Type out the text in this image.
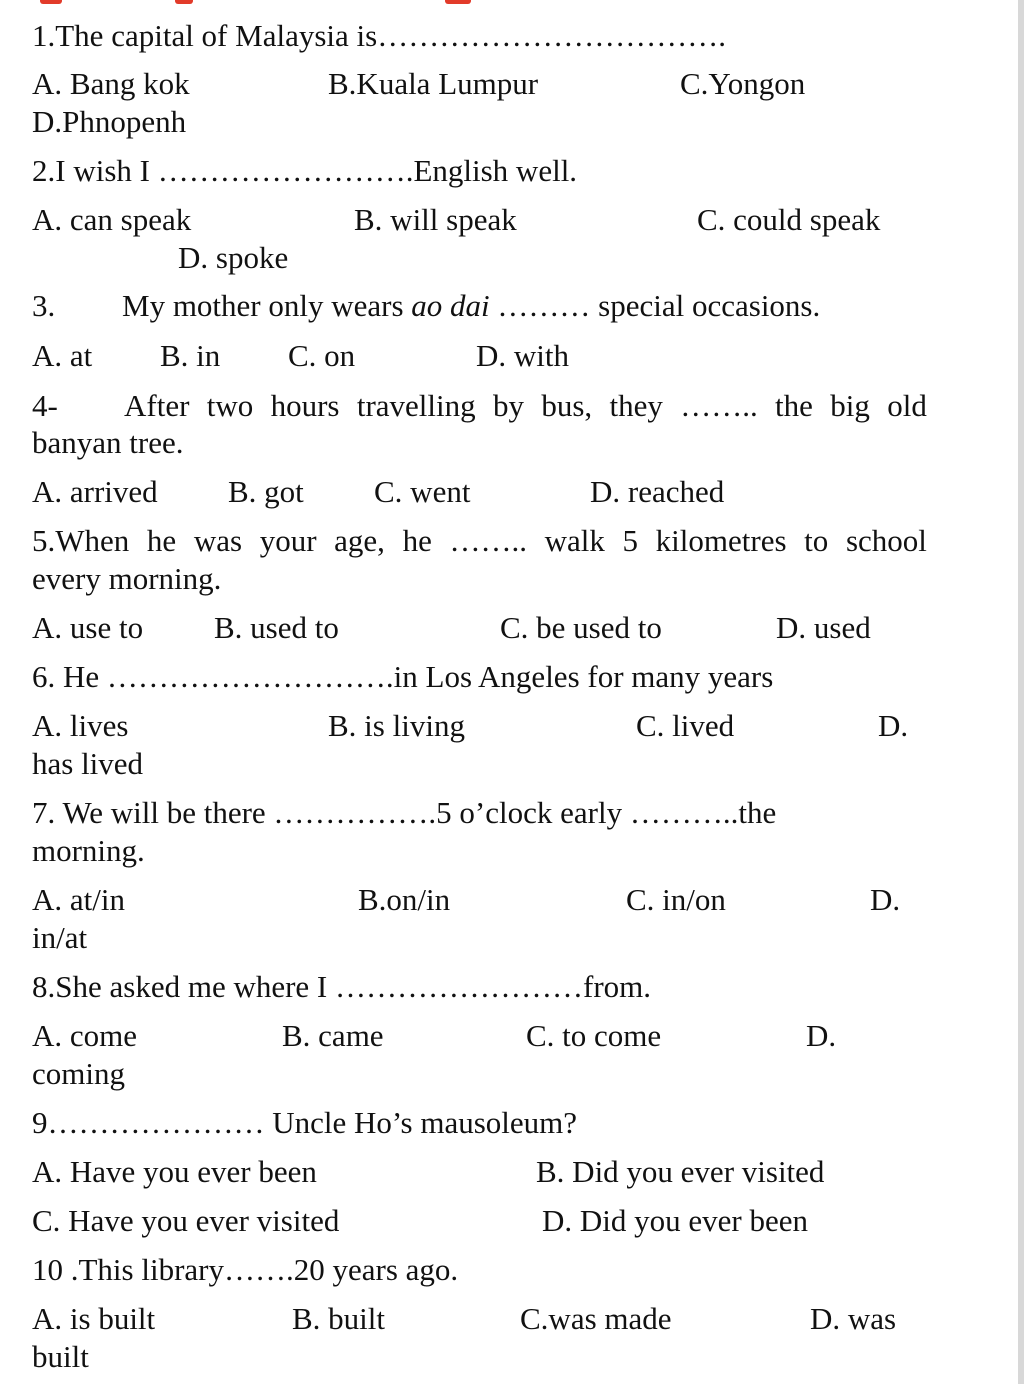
1.The capital of Malaysia is…………………………….
A. Bang kok	B.Kuala Lumpur	C.Yongon
D.Phnopenh
2.I wish I …………………….English well.
A. can speak	B. will speak	C. could speak
D. spoke
3. My mother only wears ao dai ……… special occasions.
A. at B. in C. on	D. with
4- After two hours travelling by bus, they …….. the big old
banyan tree.
A. arrived B. got C. went	D. reached
5.When he was your age, he …….. walk 5 kilometres to school
every morning.
A. use to B. used to	C. be used to	D. used
6. He ……………………….in Los Angeles for many years
A. lives	B. is living	C. lived	D.
has lived
7. We will be there …………….5 o’clock early ………..the
morning.
A. at/in	B.on/in	C. in/on	D.
in/at
8.She asked me where I ……………………from.
A. come	B. came	C. to come	D.
coming
9………………… Uncle Ho’s mausoleum?
A. Have you ever been	B. Did you ever visited
C. Have you ever visited	D. Did you ever been
10 .This library…….20 years ago.
A. is built	B. built	C.was made	D. was
built
